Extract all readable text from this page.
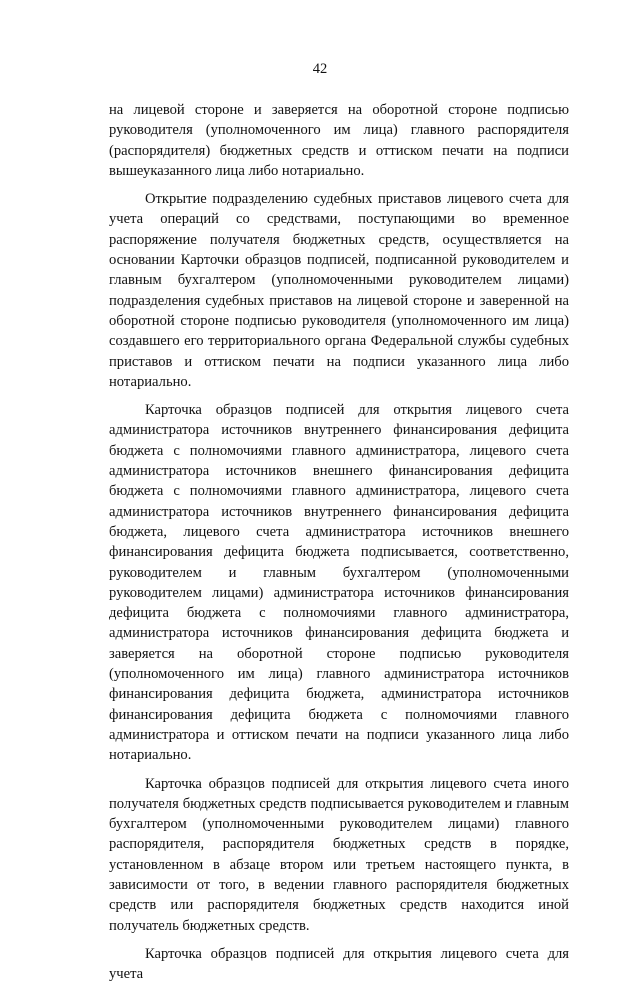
42

на лицевой стороне и заверяется на оборотной стороне подписью руководителя (уполномоченного им лица) главного распорядителя (распорядителя) бюджетных средств и оттиском печати на подписи вышеуказанного лица либо нотариально.

Открытие подразделению судебных приставов лицевого счета для учета операций со средствами, поступающими во временное распоряжение получателя бюджетных средств, осуществляется на основании Карточки образцов подписей, подписанной руководителем и главным бухгалтером (уполномоченными руководителем лицами) подразделения судебных приставов на лицевой стороне и заверенной на оборотной стороне подписью руководителя (уполномоченного им лица) создавшего его территориального органа Федеральной службы судебных приставов и оттиском печати на подписи указанного лица либо нотариально.

Карточка образцов подписей для открытия лицевого счета администратора источников внутреннего финансирования дефицита бюджета с полномочиями главного администратора, лицевого счета администратора источников внешнего финансирования дефицита бюджета с полномочиями главного администратора, лицевого счета администратора источников внутреннего финансирования дефицита бюджета, лицевого счета администратора источников внешнего финансирования дефицита бюджета подписывается, соответственно, руководителем и главным бухгалтером (уполномоченными руководителем лицами) администратора источников финансирования дефицита бюджета с полномочиями главного администратора, администратора источников финансирования дефицита бюджета и заверяется на оборотной стороне подписью руководителя (уполномоченного им лица) главного администратора источников финансирования дефицита бюджета, администратора источников финансирования дефицита бюджета с полномочиями главного администратора и оттиском печати на подписи указанного лица либо нотариально.

Карточка образцов подписей для открытия лицевого счета иного получателя бюджетных средств подписывается руководителем и главным бухгалтером (уполномоченными руководителем лицами) главного распорядителя, распорядителя бюджетных средств в порядке, установленном в абзаце втором или третьем настоящего пункта, в зависимости от того, в ведении главного распорядителя бюджетных средств или распорядителя бюджетных средств находится иной получатель бюджетных средств.

Карточка образцов подписей для открытия лицевого счета для учета
